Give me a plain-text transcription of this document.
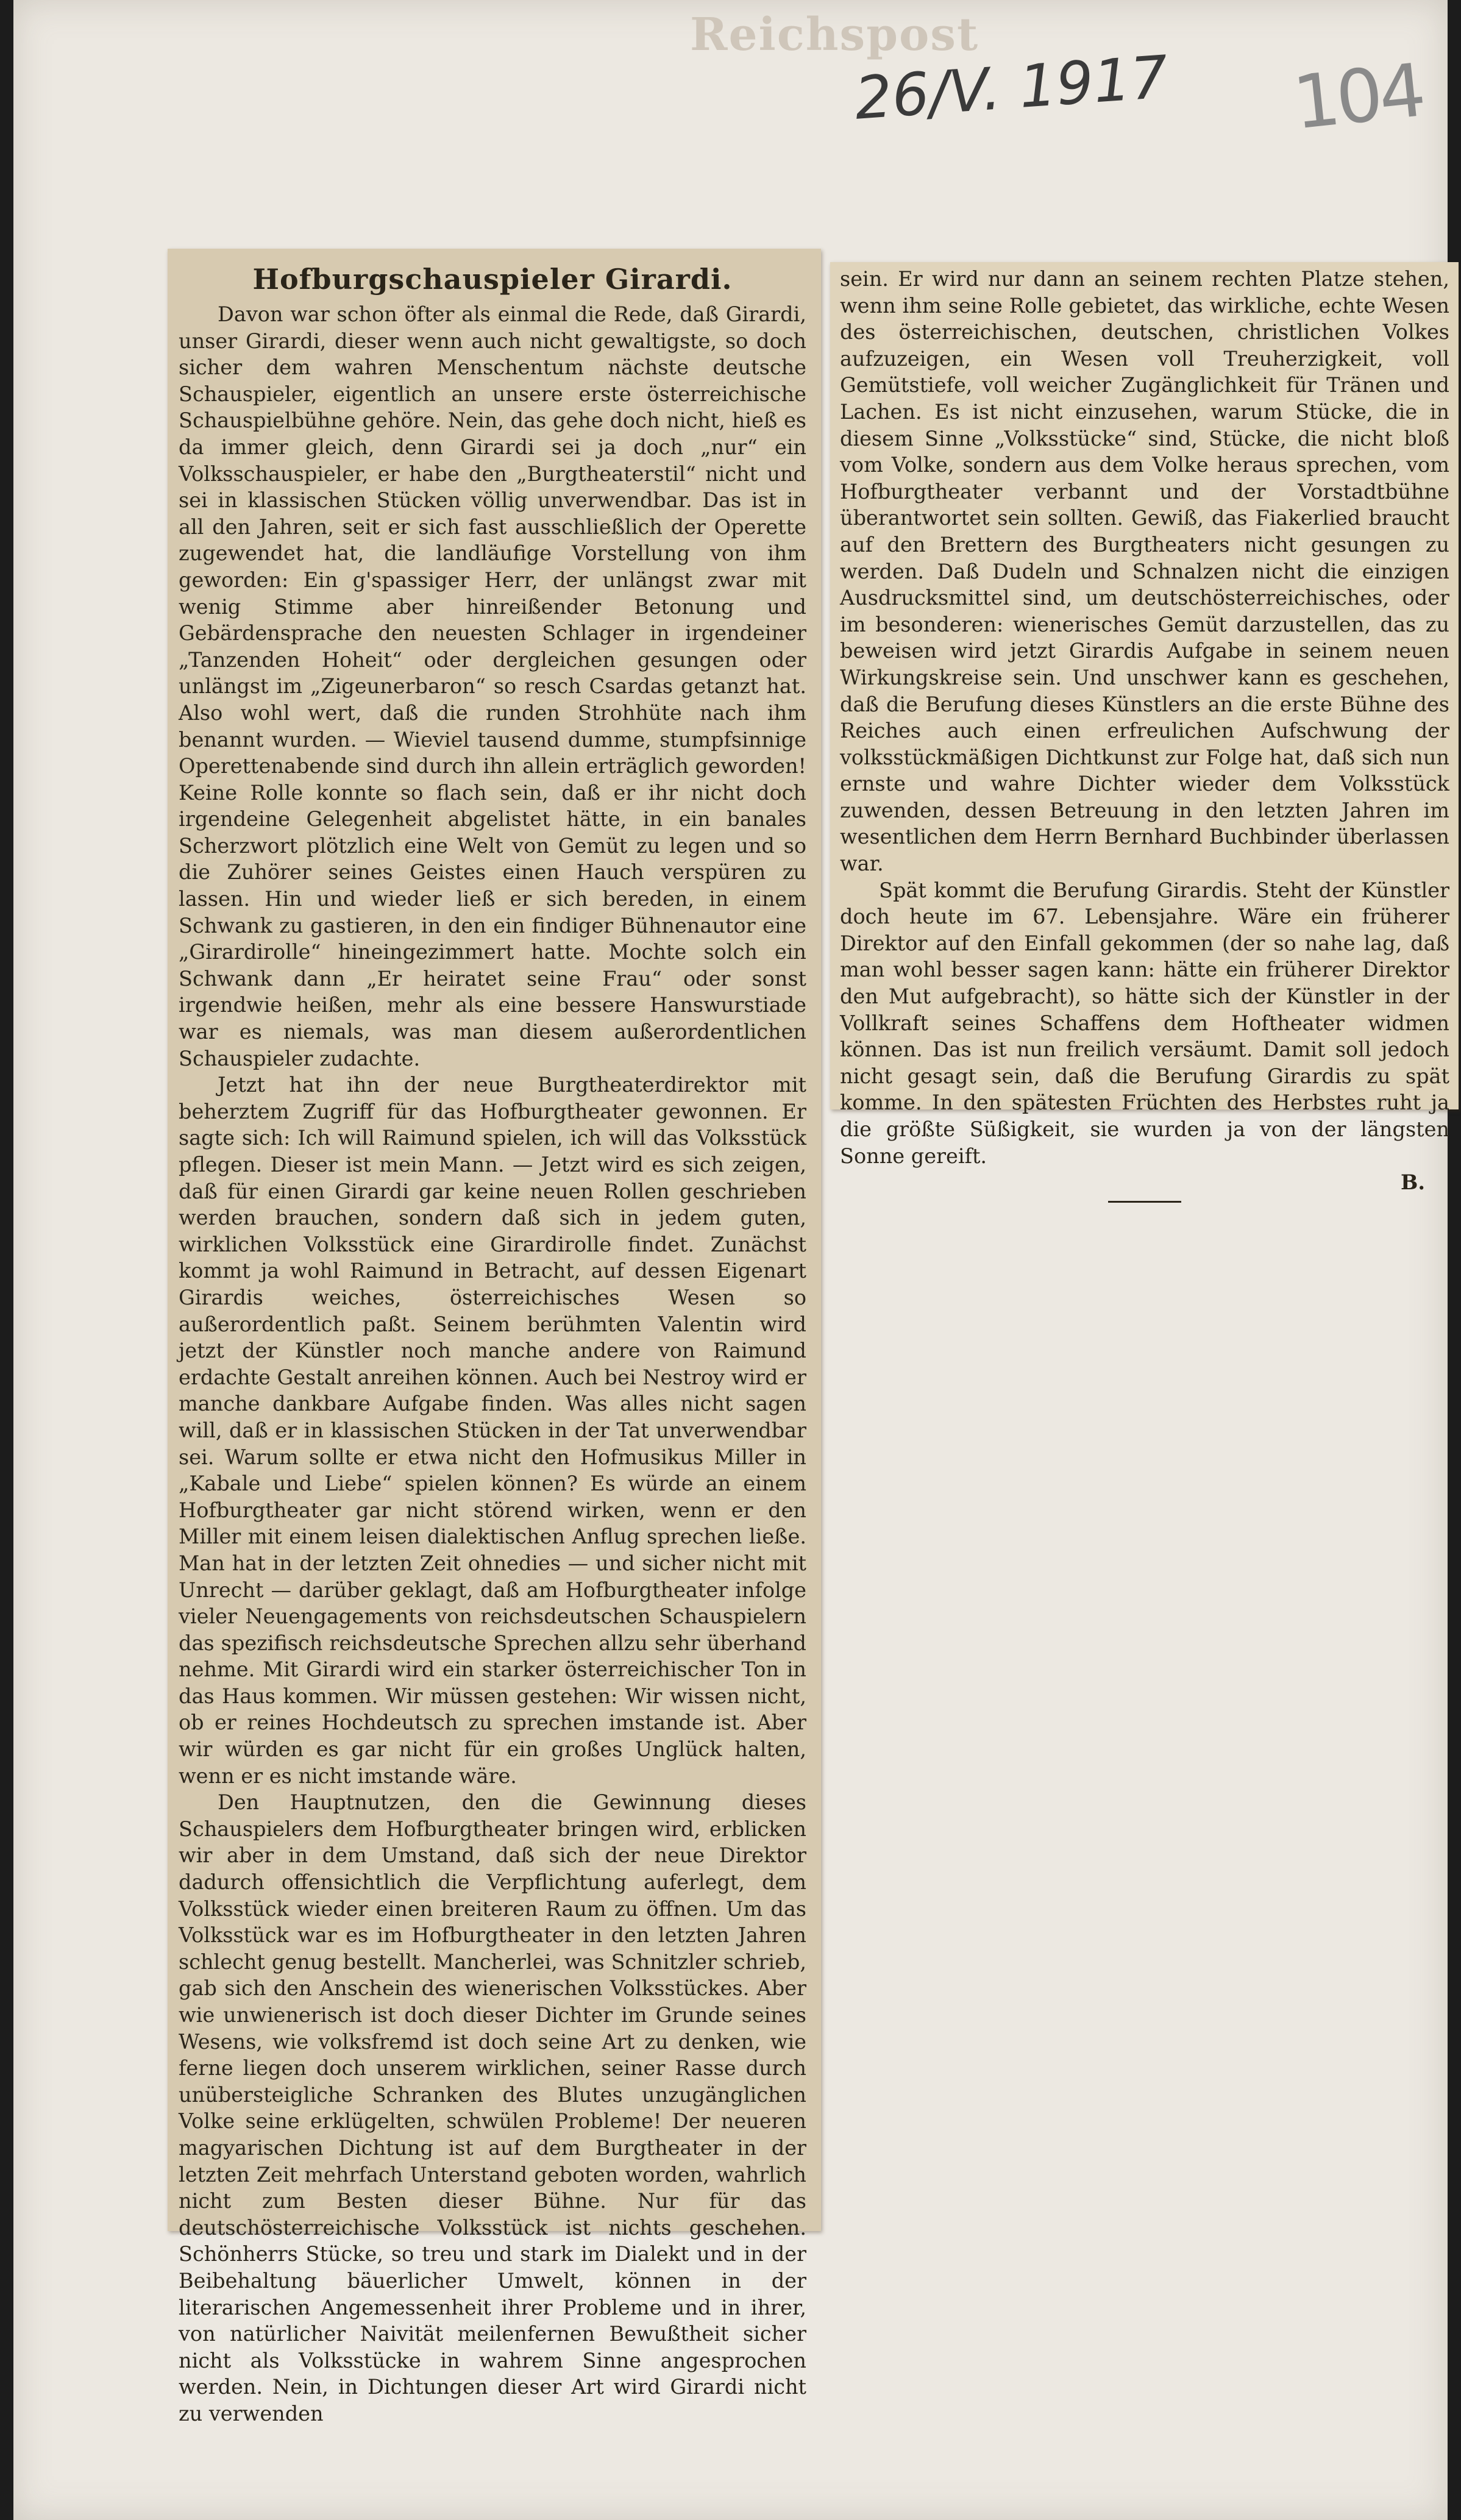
Reichspost
26/V. 1917 104
Hofburgschauspieler Girardi.

Davon war schon öfter als einmal die Rede, daß Girardi, unser Girardi, dieser wenn auch nicht gewaltigste, so doch sicher dem wahren Menschentum nächste deutsche Schauspieler, eigentlich an unsere erste österreichische Schauspielbühne gehöre. Nein, das gehe doch nicht, hieß es da immer gleich, denn Girardi sei ja doch „nur“ ein Volksschauspieler, er habe den „Burgtheaterstil“ nicht und sei in klassischen Stücken völlig unverwendbar. Das ist in all den Jahren, seit er sich fast ausschließlich der Operette zugewendet hat, die landläufige Vorstellung von ihm geworden: Ein g'spassiger Herr, der unlängst zwar mit wenig Stimme aber hinreißender Betonung und Gebärdensprache den neuesten Schlager in irgendeiner „Tanzenden Hoheit“ oder dergleichen gesungen oder unlängst im „Zigeunerbaron“ so resch Csardas getanzt hat. Also wohl wert, daß die runden Strohhüte nach ihm benannt wurden. — Wieviel tausend dumme, stumpfsinnige Operettenabende sind durch ihn allein erträglich geworden! Keine Rolle konnte so flach sein, daß er ihr nicht doch irgendeine Gelegenheit abgelistet hätte, in ein banales Scherzwort plötzlich eine Welt von Gemüt zu legen und so die Zuhörer seines Geistes einen Hauch verspüren zu lassen. Hin und wieder ließ er sich bereden, in einem Schwank zu gastieren, in den ein findiger Bühnenautor eine „Girardirolle“ hineingezimmert hatte. Mochte solch ein Schwank dann „Er heiratet seine Frau“ oder sonst irgendwie heißen, mehr als eine bessere Hanswurstiade war es niemals, was man diesem außerordentlichen Schauspieler zudachte.

Jetzt hat ihn der neue Burgtheaterdirektor mit beherztem Zugriff für das Hofburgtheater gewonnen. Er sagte sich: Ich will Raimund spielen, ich will das Volksstück pflegen. Dieser ist mein Mann. — Jetzt wird es sich zeigen, daß für einen Girardi gar keine neuen Rollen geschrieben werden brauchen, sondern daß sich in jedem guten, wirklichen Volksstück eine Girardirolle findet. Zunächst kommt ja wohl Raimund in Betracht, auf dessen Eigenart Girardis weiches, österreichisches Wesen so außerordentlich paßt. Seinem berühmten Valentin wird jetzt der Künstler noch manche andere von Raimund erdachte Gestalt anreihen können. Auch bei Nestroy wird er manche dankbare Aufgabe finden. Was alles nicht sagen will, daß er in klassischen Stücken in der Tat unverwendbar sei. Warum sollte er etwa nicht den Hofmusikus Miller in „Kabale und Liebe“ spielen können? Es würde an einem Hofburgtheater gar nicht störend wirken, wenn er den Miller mit einem leisen dialektischen Anflug sprechen ließe. Man hat in der letzten Zeit ohnedies — und sicher nicht mit Unrecht — darüber geklagt, daß am Hofburgtheater infolge vieler Neuengagements von reichsdeutschen Schauspielern das spezifisch reichsdeutsche Sprechen allzu sehr überhand nehme. Mit Girardi wird ein starker österreichischer Ton in das Haus kommen. Wir müssen gestehen: Wir wissen nicht, ob er reines Hochdeutsch zu sprechen imstande ist. Aber wir würden es gar nicht für ein großes Unglück halten, wenn er es nicht imstande wäre.

Den Hauptnutzen, den die Gewinnung dieses Schauspielers dem Hofburgtheater bringen wird, erblicken wir aber in dem Umstand, daß sich der neue Direktor dadurch offensichtlich die Verpflichtung auferlegt, dem Volksstück wieder einen breiteren Raum zu öffnen. Um das Volksstück war es im Hofburgtheater in den letzten Jahren schlecht genug bestellt. Mancherlei, was Schnitzler schrieb, gab sich den Anschein des wienerischen Volksstückes. Aber wie unwienerisch ist doch dieser Dichter im Grunde seines Wesens, wie volksfremd ist doch seine Art zu denken, wie ferne liegen doch unserem wirklichen, seiner Rasse durch unübersteigliche Schranken des Blutes unzugänglichen Volke seine erklügelten, schwülen Probleme! Der neueren magyarischen Dichtung ist auf dem Burgtheater in der letzten Zeit mehrfach Unterstand geboten worden, wahrlich nicht zum Besten dieser Bühne. Nur für das deutschösterreichische Volksstück ist nichts geschehen. Schönherrs Stücke, so treu und stark im Dialekt und in der Beibehaltung bäuerlicher Umwelt, können in der literarischen Angemessenheit ihrer Probleme und in ihrer, von natürlicher Naivität meilenfernen Bewußtheit sicher nicht als Volksstücke in wahrem Sinne angesprochen werden. Nein, in Dichtungen dieser Art wird Girardi nicht zu verwenden

sein. Er wird nur dann an seinem rechten Platze stehen, wenn ihm seine Rolle gebietet, das wirkliche, echte Wesen des österreichischen, deutschen, christlichen Volkes aufzuzeigen, ein Wesen voll Treuherzigkeit, voll Gemütstiefe, voll weicher Zugänglichkeit für Tränen und Lachen. Es ist nicht einzusehen, warum Stücke, die in diesem Sinne „Volksstücke“ sind, Stücke, die nicht bloß vom Volke, sondern aus dem Volke heraus sprechen, vom Hofburgtheater verbannt und der Vorstadtbühne überantwortet sein sollten. Gewiß, das Fiakerlied braucht auf den Brettern des Burgtheaters nicht gesungen zu werden. Daß Dudeln und Schnalzen nicht die einzigen Ausdrucksmittel sind, um deutschösterreichisches, oder im besonderen: wienerisches Gemüt darzustellen, das zu beweisen wird jetzt Girardis Aufgabe in seinem neuen Wirkungskreise sein. Und unschwer kann es geschehen, daß die Berufung dieses Künstlers an die erste Bühne des Reiches auch einen erfreulichen Aufschwung der volksstückmäßigen Dichtkunst zur Folge hat, daß sich nun ernste und wahre Dichter wieder dem Volksstück zuwenden, dessen Betreuung in den letzten Jahren im wesentlichen dem Herrn Bernhard Buchbinder überlassen war.

Spät kommt die Berufung Girardis. Steht der Künstler doch heute im 67. Lebensjahre. Wäre ein früherer Direktor auf den Einfall gekommen (der so nahe lag, daß man wohl besser sagen kann: hätte ein früherer Direktor den Mut aufgebracht), so hätte sich der Künstler in der Vollkraft seines Schaffens dem Hoftheater widmen können. Das ist nun freilich versäumt. Damit soll jedoch nicht gesagt sein, daß die Berufung Girardis zu spät komme. In den spätesten Früchten des Herbstes ruht ja die größte Süßigkeit, sie wurden ja von der längsten Sonne gereift.

B.
